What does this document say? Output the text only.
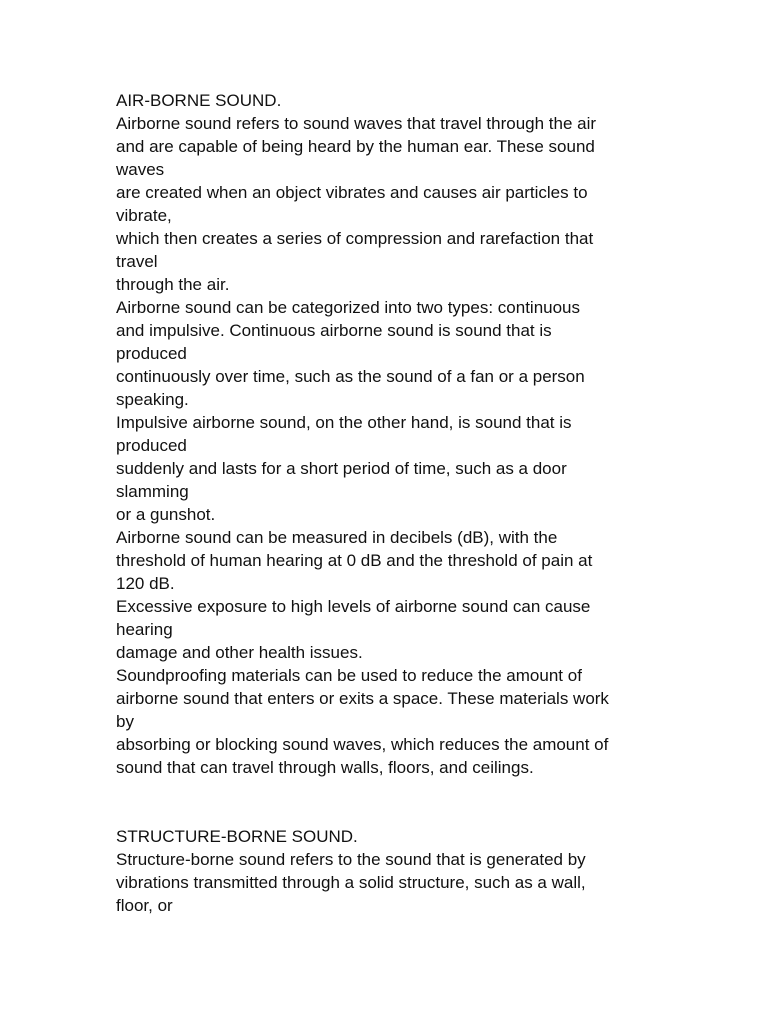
AIR-BORNE SOUND.
Airborne sound refers to sound waves that travel through the air
and are capable of being heard by the human ear. These sound
waves
are created when an object vibrates and causes air particles to
vibrate,
which then creates a series of compression and rarefaction that
travel
through the air.
Airborne sound can be categorized into two types: continuous
and impulsive. Continuous airborne sound is sound that is
produced
continuously over time, such as the sound of a fan or a person
speaking.
Impulsive airborne sound, on the other hand, is sound that is
produced
suddenly and lasts for a short period of time, such as a door
slamming
or a gunshot.
Airborne sound can be measured in decibels (dB), with the
threshold of human hearing at 0 dB and the threshold of pain at
120 dB.
Excessive exposure to high levels of airborne sound can cause
hearing
damage and other health issues.
Soundproofing materials can be used to reduce the amount of
airborne sound that enters or exits a space. These materials work
by
absorbing or blocking sound waves, which reduces the amount of
sound that can travel through walls, floors, and ceilings.
STRUCTURE-BORNE SOUND.
Structure-borne sound refers to the sound that is generated by
vibrations transmitted through a solid structure, such as a wall,
floor, or
